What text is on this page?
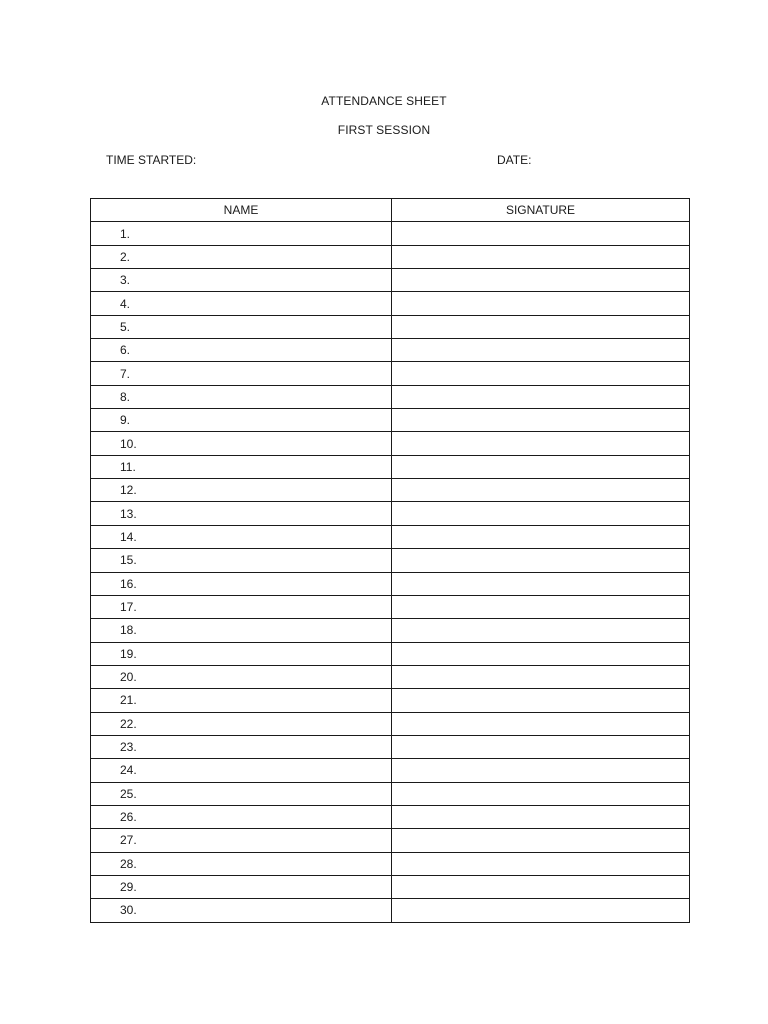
ATTENDANCE SHEET
FIRST SESSION
TIME STARTED:	DATE:
NAME	SIGNATURE
1.	
2.	
3.	
4.	
5.	
6.	
7.	
8.	
9.	
10.	
11.	
12.	
13.	
14.	
15.	
16.	
17.	
18.	
19.	
20.	
21.	
22.	
23.	
24.	
25.	
26.	
27.	
28.	
29.	
30.	
